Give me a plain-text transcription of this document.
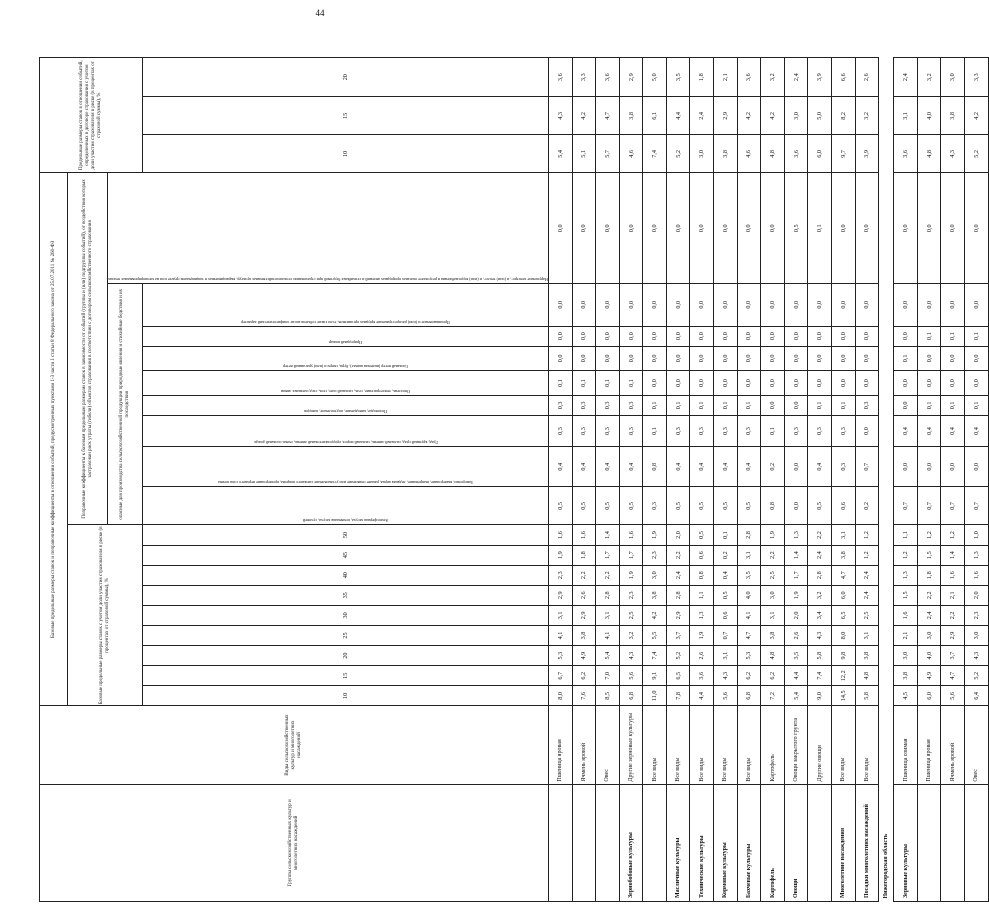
44
Группы сельскохозяйственных культур и многолетних насаждений	Виды сельскохозяйственных культур и многолетних насаждений	Базовые предельные размеры ставок и поправочные коэффициенты в отношении событий, предусмотренных пунктами 1-3 части 1 статьи 8 Федерального закона от 25.07.2011 № 260-ФЗ																		Предельные размеры ставок в отношении событий, определенных в договоре страхования с учетом доли участия страхователя в риске (в процентах от страховой суммы), %		
		Базовые предельные размеры ставок с учетом доли участия страхователя в риске (в процентах от страховой суммы), %									Поправочные коэффициенты к базовым предельным размерам ставок в зависимости от событий (группы и (или) подгруппы событий), от воздействия которых застрахован риск утраты (гибели) объектов страхования в соответствии с договором сельскохозяйственного страхования											
											опасные для производства сельскохозяйственной продукции природные явления и стихийные бедствия и их последствия								Нарушение электро-, и (или) тепло-, и (или) водоснабжения в результате опасных природных явлений и стихийных бедствий при страховании сельскохозяйственных культур, выращиваемых в защищенном грунте или на мелиорированных землях			

		10	15	20	25	30	35	40	45	50	Атмосферная засуха, почвенная засуха, суховей	Заморозки, вымерзание, выпревание, ледяная корка, раннее появление или установление снежного покрова, промерзание верхнего слоя почвы	Град, крупный град, сильный ливень, сильный мороз, продолжительный ливень, очень сильный дождь	Половодье, наводнение, подтопление, паводок	Оползень, землетрясение, сель, сильный снег, сель, сход снежных лавин	Сильный ветер (включая шквал), буря, смерч и (или) ураганный ветер	Природный пожар	Проникновение и (или) распространение вредных организмов, если такие события носят эпифитотический характер		10	15	20
	Пшеница яровая	8,0	6,7	5,3	4,1	3,1	2,9	2,3	1,9	1,6	0,5	0,4	0,3	0,3	0,1	0,0	0,0	0,0	0,0	5,4	4,3	3,6
	Ячмень яровой	7,6	6,2	4,9	3,8	2,9	2,6	2,2	1,8	1,6	0,5	0,4	0,3	0,3	0,1	0,0	0,0	0,0	0,0	5,1	4,2	3,3
	Овес	8,5	7,0	5,4	4,1	3,1	2,8	2,2	1,7	1,4	0,5	0,4	0,3	0,3	0,1	0,0	0,0	0,0	0,0	5,7	4,7	3,6
Зернобобовые культуры	Другие зерновые культуры	6,8	5,6	4,3	3,2	2,5	2,3	1,9	1,7	1,6	0,5	0,4	0,3	0,3	0,1	0,0	0,0	0,0	0,0	4,6	3,8	2,9
	Все виды	11,0	9,1	7,4	5,5	4,2	3,8	3,0	2,3	1,9	0,3	0,8	0,1	0,1	0,0	0,0	0,0	0,0	0,0	7,4	6,1	5,0
Масличные культуры	Все виды	7,8	6,5	5,2	3,7	2,9	2,8	2,4	2,2	2,0	0,5	0,4	0,3	0,1	0,0	0,0	0,0	0,0	0,0	5,2	4,4	3,5
Технические культуры	Все виды	4,4	3,6	2,6	1,9	1,3	1,1	0,8	0,6	0,5	0,5	0,4	0,3	0,1	0,0	0,0	0,0	0,0	0,0	3,0	2,4	1,8
Кормовые культуры	Все виды	5,6	4,3	3,1	0,7	0,6	0,5	0,4	0,2	0,1	0,5	0,4	0,3	0,1	0,0	0,0	0,0	0,0	0,0	3,8	2,9	2,1
Бахчевые культуры	Все виды	6,8	6,2	5,3	4,7	4,1	4,0	3,5	3,1	2,8	0,5	0,4	0,3	0,1	0,0	0,0	0,0	0,0	0,0	4,6	4,2	3,6
Картофель	Картофель	7,2	6,2	4,8	3,8	3,1	3,0	2,5	2,2	1,9	0,8	0,2	0,1	0,0	0,0	0,0	0,0	0,0	0,0	4,8	4,2	3,2
Овощи	Овощи закрытого грунта	5,4	4,4	3,5	2,6	2,0	1,9	1,7	1,4	1,3	0,0	0,0	0,3	0,0	0,0	0,0	0,0	0,0	0,5	3,6	3,0	2,4
	Другие овощи	9,0	7,4	5,8	4,3	3,4	3,2	2,8	2,4	2,2	0,5	0,4	0,3	0,1	0,0	0,0	0,0	0,0	0,1	6,0	5,0	3,9
Многолетние насаждения	Все виды	14,5	12,2	9,8	8,0	6,5	6,0	4,7	3,8	3,1	0,6	0,3	0,3	0,1	0,0	0,0	0,0	0,0	0,0	9,7	8,2	6,6
Посадки многолетних насаждений	Все виды	5,8	4,8	3,8	3,1	2,5	2,4	2,4	1,2	1,2	0,2	0,7	0,0	0,3	0,0	0,0	0,0	0,0	0,0	3,9	3,2	2,6
Нижегородская область																						
Зерновые культуры	Пшеница озимая	4,5	3,8	3,0	2,1	1,6	1,5	1,3	1,2	1,1	0,7	0,0	0,4	0,0	0,0	0,1	0,0	0,0	0,0	3,6	3,1	2,4
	Пшеница яровая	6,0	4,9	4,0	3,0	2,4	2,2	1,8	1,5	1,2	0,7	0,0	0,4	0,1	0,0	0,0	0,1	0,0	0,0	4,8	4,0	3,2
	Ячмень яровой	5,6	4,7	3,7	2,9	2,2	2,1	1,6	1,4	1,2	0,7	0,0	0,4	0,1	0,0	0,0	0,1	0,0	0,0	4,3	3,8	3,0
	Овес	6,4	5,2	4,3	3,0	2,3	2,0	1,6	1,3	1,0	0,7	0,0	0,4	0,1	0,0	0,0	0,1	0,0	0,0	5,2	4,2	3,3
